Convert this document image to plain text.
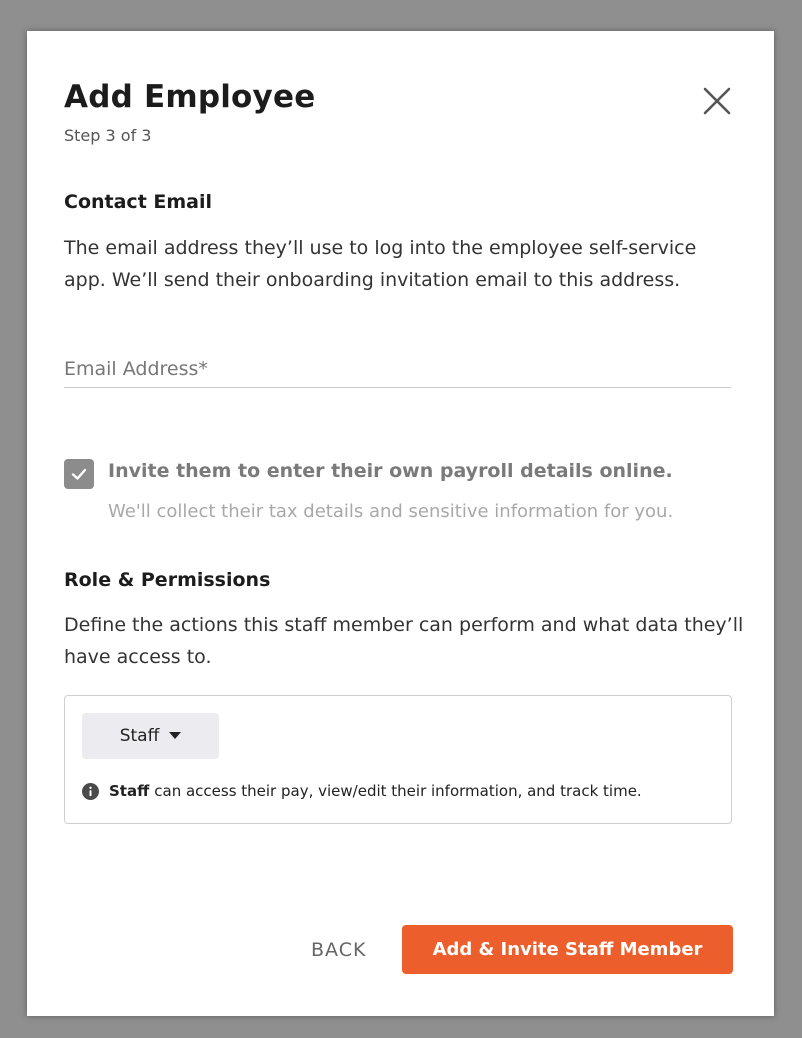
Add Employee
Step 3 of 3
Contact Email
The email address they’ll use to log into the employee self-service app. We’ll send their onboarding invitation email to this address.
Email Address*
Invite them to enter their own payroll details online.
We'll collect their tax details and sensitive information for you.
Role & Permissions
Define the actions this staff member can perform and what data they’ll have access to.
Staff
Staff can access their pay, view/edit their information, and track time.
BACK	Add & Invite Staff Member
